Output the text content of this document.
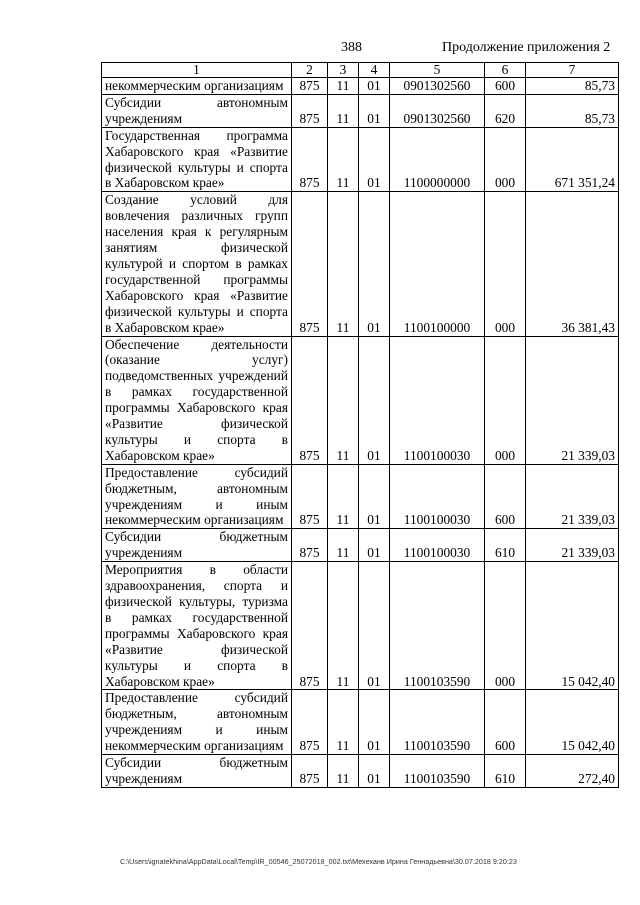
388	Продолжение приложения 2
1	2	3	4	5	6	7
некоммерческим организациям	875	11	01	0901302560	600	85,73
Субсидии автономным учреждениям	875	11	01	0901302560	620	85,73
Государственная программа Хабаровского края «Развитие физической культуры и спорта в Хабаровском крае»	875	11	01	1100000000	000	671 351,24
Создание условий для вовлечения различных групп населения края к регулярным занятиям физической культурой и спортом в рамках государственной программы Хабаровского края «Развитие физической культуры и спорта в Хабаровском крае»	875	11	01	1100100000	000	36 381,43
Обеспечение деятельности (оказание услуг) подведомственных учреждений в рамках государственной программы Хабаровского края «Развитие физической культуры и спорта в Хабаровском крае»	875	11	01	1100100030	000	21 339,03
Предоставление субсидий бюджетным, автономным учреждениям и иным некоммерческим организациям	875	11	01	1100100030	600	21 339,03
Субсидии бюджетным учреждениям	875	11	01	1100100030	610	21 339,03
Мероприятия в области здравоохранения, спорта и физической культуры, туризма в рамках государственной программы Хабаровского края «Развитие физической культуры и спорта в Хабаровском крае»	875	11	01	1100103590	000	15 042,40
Предоставление субсидий бюджетным, автономным учреждениям и иным некоммерческим организациям	875	11	01	1100103590	600	15 042,40
Субсидии бюджетным учреждениям	875	11	01	1100103590	610	272,40
C:\Users\ignatekhina\AppData\Local\Temp\IR_00546_25072018_002.txt\Мехеханв Ирина Геннадьевна\30.07.2018 9:20:23
